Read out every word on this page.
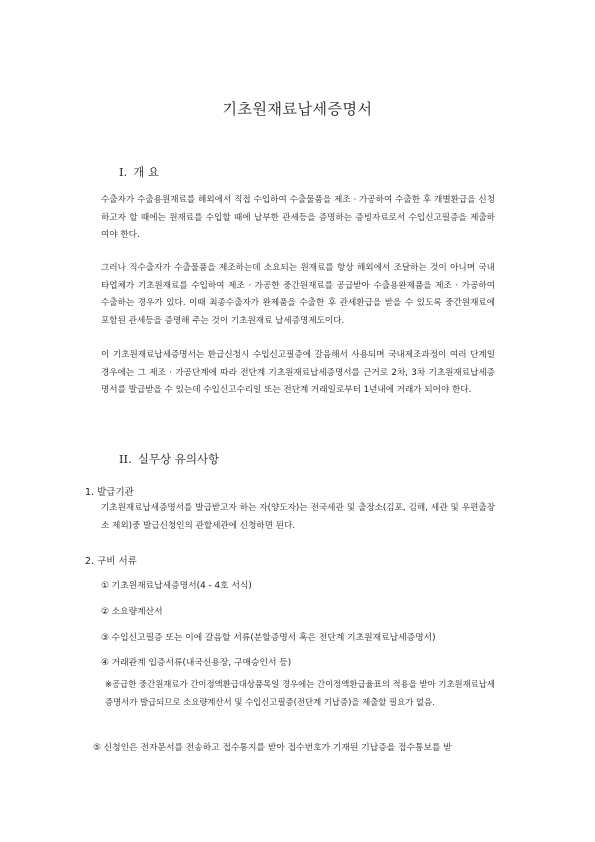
기초원재료납세증명서
I. 개 요

수출자가 수출용원재료를 해외에서 직접 수입하여 수출물품을 제조 · 가공하여 수출한 후 개별환급을 신청하고자 할 때에는 원재료를 수입할 때에 납부한 관세등을 증명하는 증빙자료로서 수입신고필증을 제출하여야 한다.

그러나 직수출자가 수출물품을 제조하는데 소요되는 원재료를 항상 해외에서 조달하는 것이 아니며 국내 타업체가 기초원재료를 수입하여 제조 · 가공한 중간원재료를 공급받아 수출용완제품을 제조 · 가공하여 수출하는 경우가 있다. 이때 최종수출자가 완제품을 수출한 후 관세환급을 받을 수 있도록 중간원재료에 포함된 관세등을 증명해 주는 것이 기초원재료 납세증명제도이다.

이 기초원재료납세증명서는 환급신청시 수입신고필증에 갈음해서 사용되며 국내제조과정이 여러 단계일 경우에는 그 제조 · 가공단계에 따라 전단계 기초원재료납세증명서를 근거로 2차, 3차 기초원재료납세증명서를 발급받을 수 있는데 수입신고수리일 또는 전단계 거래일로부터 1년내에 거래가 되어야 한다.

II. 실무상 유의사항
1. 발급기관

기초원재료납세증명서를 발급받고자 하는 자(양도자)는 전국세관 및 출장소(김포, 김해, 세관 및 우편출장소 제외)중 발급신청인의 관할세관에 신청하면 된다.

2. 구비 서류
① 기초원재료납세증명서(4 - 4호 서식)
② 소요량계산서
③ 수입신고필증 또는 이에 갈음할 서류(분할증명서 혹은 전단계 기초원재료납세증명서)
④ 거래관계 입증서류(내국신용장, 구매승인서 등)

※공급한 중간원재료가 간이정액환급대상품목일 경우에는 간이정액환급율표의 적용을 받아 기초원재료납세증명서가 발급되므로 소요량계산서 및 수입신고필증(전단계 기납증)을 제출할 필요가 없음.

⑤ 신청인은 전자문서를 전송하고 접수통지를 받아 접수번호가 기재된 기납증을 접수통보를 받
